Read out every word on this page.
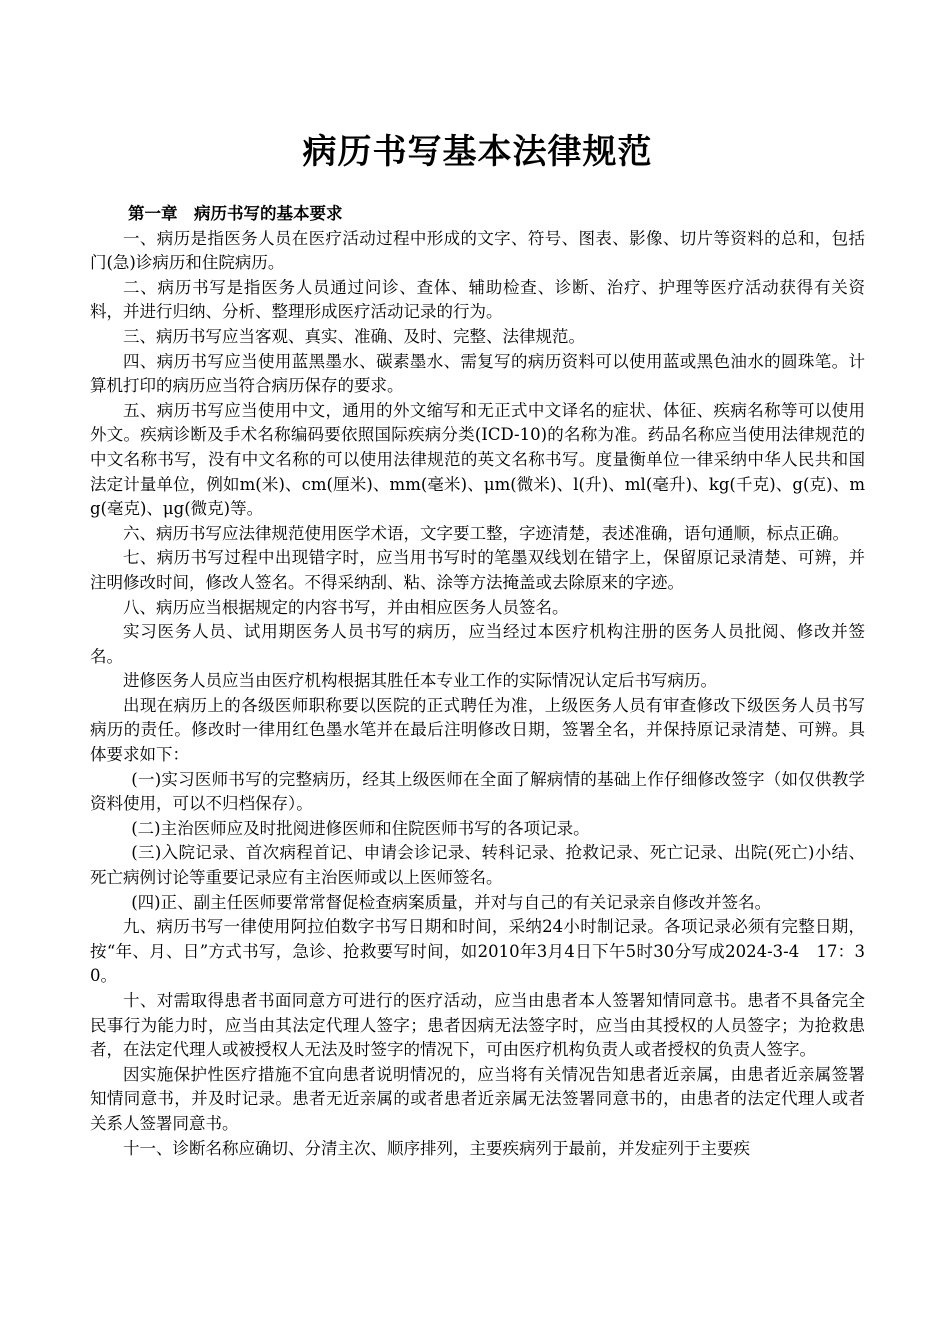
病历书写基本法律规范
第一章　病历书写的基本要求

一、病历是指医务人员在医疗活动过程中形成的文字、符号、图表、影像、切片等资料的总和，包括门(急)诊病历和住院病历。

二、病历书写是指医务人员通过问诊、查体、辅助检查、诊断、治疗、护理等医疗活动获得有关资料，并进行归纳、分析、整理形成医疗活动记录的行为。

三、病历书写应当客观、真实、准确、及时、完整、法律规范。

四、病历书写应当使用蓝黑墨水、碳素墨水、需复写的病历资料可以使用蓝或黑色油水的圆珠笔。计算机打印的病历应当符合病历保存的要求。

五、病历书写应当使用中文，通用的外文缩写和无正式中文译名的症状、体征、疾病名称等可以使用外文。疾病诊断及手术名称编码要依照国际疾病分类(ICD-10)的名称为准。药品名称应当使用法律规范的中文名称书写，没有中文名称的可以使用法律规范的英文名称书写。度量衡单位一律采纳中华人民共和国法定计量单位，例如m(米)、cm(厘米)、mm(毫米)、μm(微米)、l(升)、ml(毫升)、kg(千克)、g(克)、mg(毫克)、μg(微克)等。

六、病历书写应法律规范使用医学术语，文字要工整，字迹清楚，表述准确，语句通顺，标点正确。

七、病历书写过程中出现错字时，应当用书写时的笔墨双线划在错字上，保留原记录清楚、可辨，并注明修改时间，修改人签名。不得采纳刮、粘、涂等方法掩盖或去除原来的字迹。

八、病历应当根据规定的内容书写，并由相应医务人员签名。

实习医务人员、试用期医务人员书写的病历，应当经过本医疗机构注册的医务人员批阅、修改并签名。

进修医务人员应当由医疗机构根据其胜任本专业工作的实际情况认定后书写病历。

出现在病历上的各级医师职称要以医院的正式聘任为准，上级医务人员有审查修改下级医务人员书写病历的责任。修改时一律用红色墨水笔并在最后注明修改日期，签署全名，并保持原记录清楚、可辨。具体要求如下：

(一)实习医师书写的完整病历，经其上级医师在全面了解病情的基础上作仔细修改签字（如仅供教学资料使用，可以不归档保存）。

(二)主治医师应及时批阅进修医师和住院医师书写的各项记录。

(三)入院记录、首次病程首记、申请会诊记录、转科记录、抢救记录、死亡记录、出院(死亡)小结、死亡病例讨论等重要记录应有主治医师或以上医师签名。

(四)正、副主任医师要常常督促检查病案质量，并对与自己的有关记录亲自修改并签名。

九、病历书写一律使用阿拉伯数字书写日期和时间，采纳24小时制记录。各项记录必须有完整日期，按“年、月、日”方式书写，急诊、抢救要写时间，如2010年3月4日下午5时30分写成2024-3-4　17：30。

十、对需取得患者书面同意方可进行的医疗活动，应当由患者本人签署知情同意书。患者不具备完全民事行为能力时，应当由其法定代理人签字；患者因病无法签字时，应当由其授权的人员签字；为抢救患者，在法定代理人或被授权人无法及时签字的情况下，可由医疗机构负责人或者授权的负责人签字。

因实施保护性医疗措施不宜向患者说明情况的，应当将有关情况告知患者近亲属，由患者近亲属签署知情同意书，并及时记录。患者无近亲属的或者患者近亲属无法签署同意书的，由患者的法定代理人或者关系人签署同意书。

十一、诊断名称应确切、分清主次、顺序排列，主要疾病列于最前，并发症列于主要疾
